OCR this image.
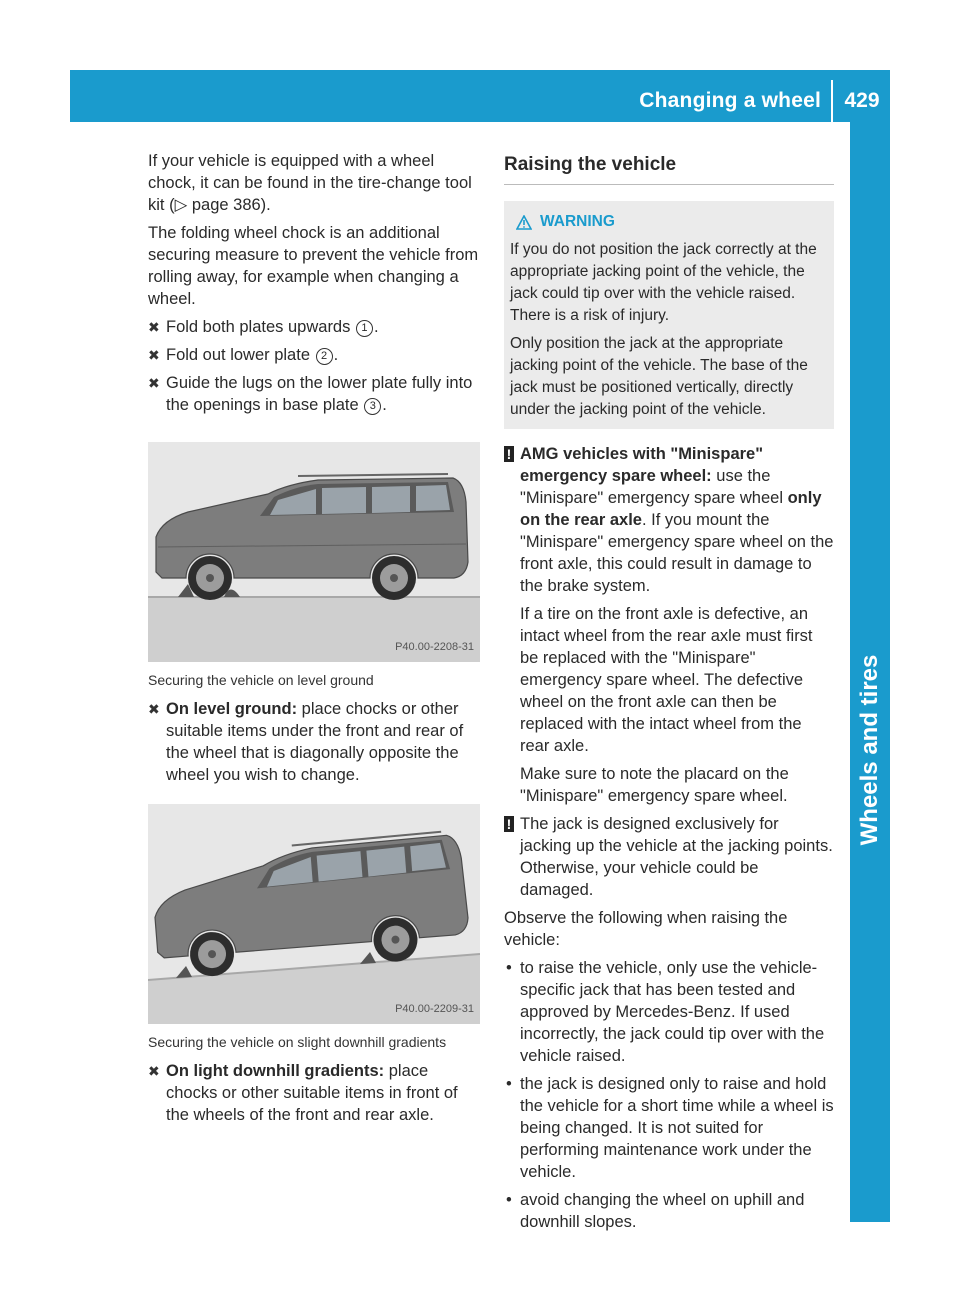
Changing a wheel	429
Wheels and tires

If your vehicle is equipped with a wheel chock, it can be found in the tire-change tool kit (▷ page 386).

The folding wheel chock is an additional securing measure to prevent the vehicle from rolling away, for example when changing a wheel.

✖ Fold both plates upwards 1 .
✖ Fold out lower plate 2 .
✖ Guide the lugs on the lower plate fully into the openings in base plate 3 .
P40.00-2208-31
Securing the vehicle on level ground
✖ On level ground: place chocks or other suitable items under the front and rear of the wheel that is diagonally opposite the wheel you wish to change.
P40.00-2209-31
Securing the vehicle on slight downhill gradients
✖ On light downhill gradients: place chocks or other suitable items in front of the wheels of the front and rear axle.
Raising the vehicle
WARNING

If you do not position the jack correctly at the appropriate jacking point of the vehicle, the jack could tip over with the vehicle raised. There is a risk of injury.

Only position the jack at the appropriate jacking point of the vehicle. The base of the jack must be positioned vertically, directly under the jacking point of the vehicle.

! AMG vehicles with "Minispare" emergency spare wheel: use the "Minispare" emergency spare wheel only on the rear axle. If you mount the "Minispare" emergency spare wheel on the front axle, this could result in damage to the brake system.

If a tire on the front axle is defective, an intact wheel from the rear axle must first be replaced with the "Minispare" emergency spare wheel. The defective wheel on the front axle can then be replaced with the intact wheel from the rear axle.

Make sure to note the placard on the "Minispare" emergency spare wheel.

! The jack is designed exclusively for jacking up the vehicle at the jacking points. Otherwise, your vehicle could be damaged.

Observe the following when raising the vehicle:

• to raise the vehicle, only use the vehicle-specific jack that has been tested and approved by Mercedes-Benz. If used incorrectly, the jack could tip over with the vehicle raised.
• the jack is designed only to raise and hold the vehicle for a short time while a wheel is being changed. It is not suited for performing maintenance work under the vehicle.
• avoid changing the wheel on uphill and downhill slopes.
